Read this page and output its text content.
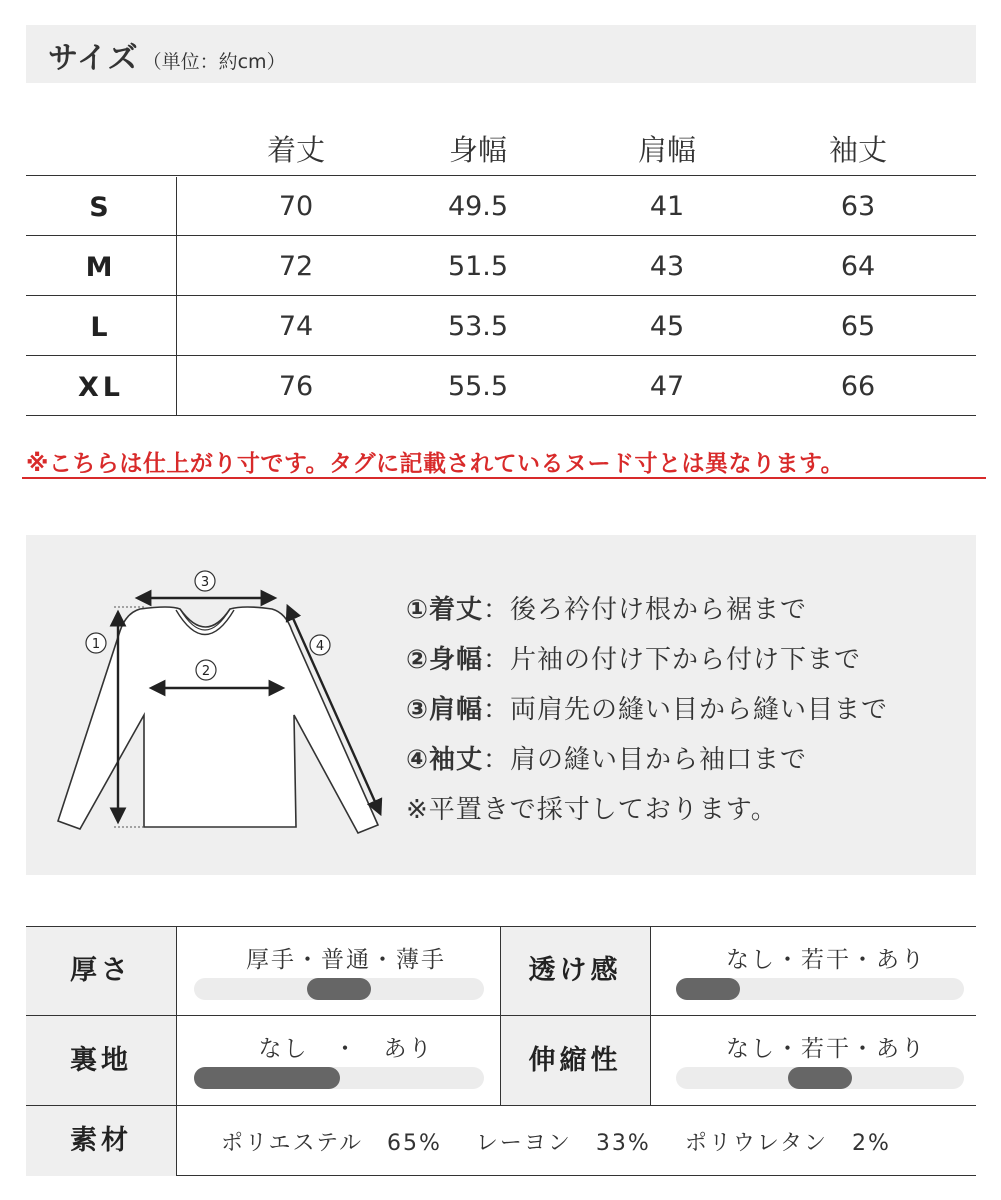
サイズ （単位：約cm）
着丈	身幅	肩幅	袖丈
S	70	49.5	41	63
M	72	51.5	43	64
L	74	53.5	45	65
XL	76	55.5	47	66
※こちらは仕上がり寸です。タグに記載されているヌード寸とは異なります。
1
2
3
4
①着丈：後ろ衿付け根から裾まで
②身幅：片袖の付け下から付け下まで
③肩幅：両肩先の縫い目から縫い目まで
④袖丈：肩の縫い目から袖口まで
※平置きで採寸しております。
厚さ	厚手・普通・薄手	透け感	なし・若干・あり
裏地	なし　・　あり	伸縮性	なし・若干・あり
素材	ポリエステル　65% レーヨン　33% ポリウレタン　2%
